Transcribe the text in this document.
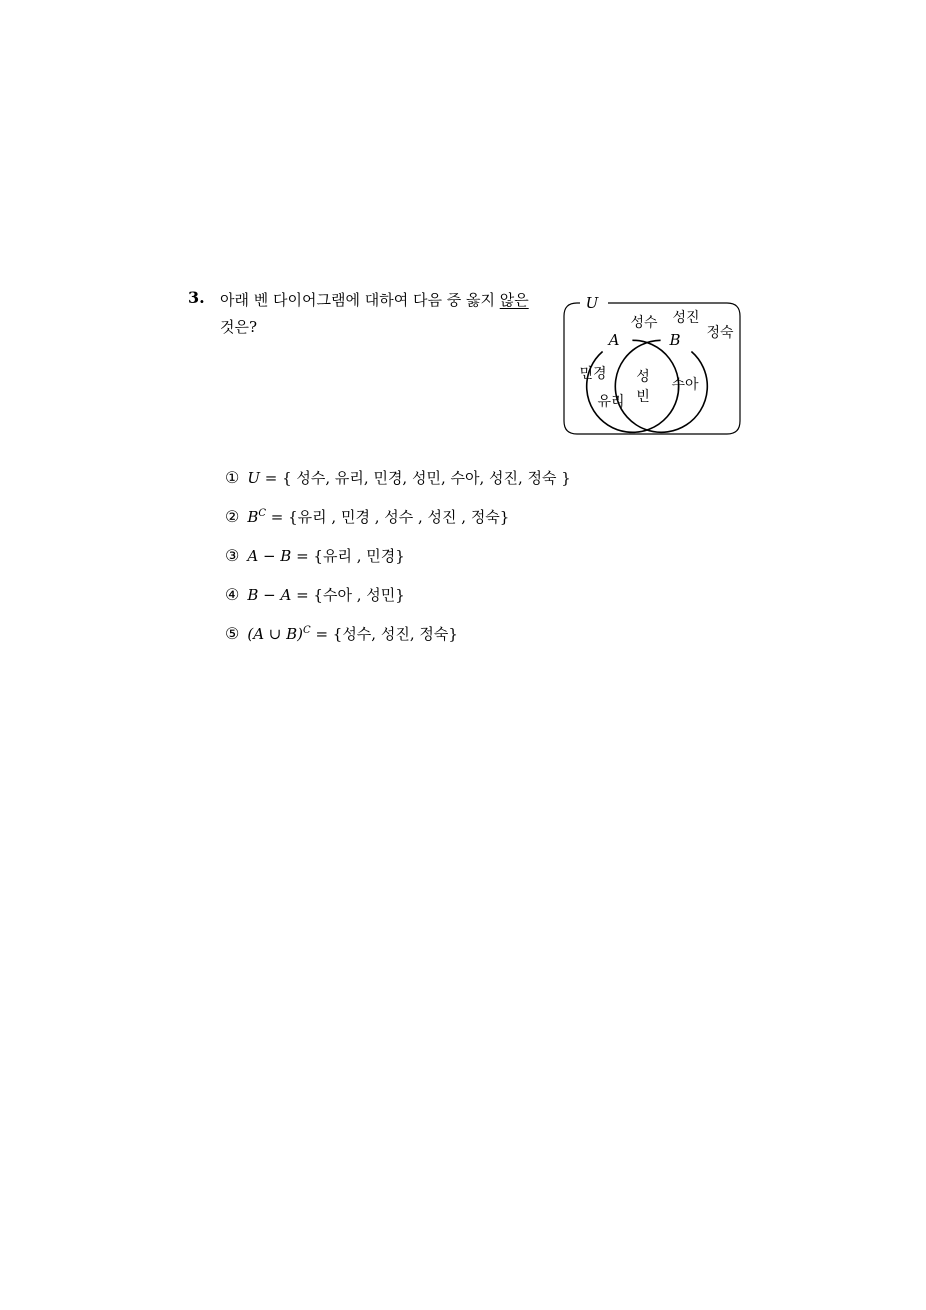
3. 아래 벤 다이어그램에 대하여 다음 중 옳지 않은
것은?
U
A	B
성수 성진
정숙
민경
유리
성
빈
수아
① U = { 성수, 유리, 민경, 성민, 수아, 성진, 정숙 }
② $B^C$ = {유리 , 민경 , 성수 , 성진 , 정숙}
③ A − B = {유리 , 민경}
④ B − A = {수아 , 성민}
⑤ (A ∪ B)$^C$ = {성수, 성진, 정숙}
